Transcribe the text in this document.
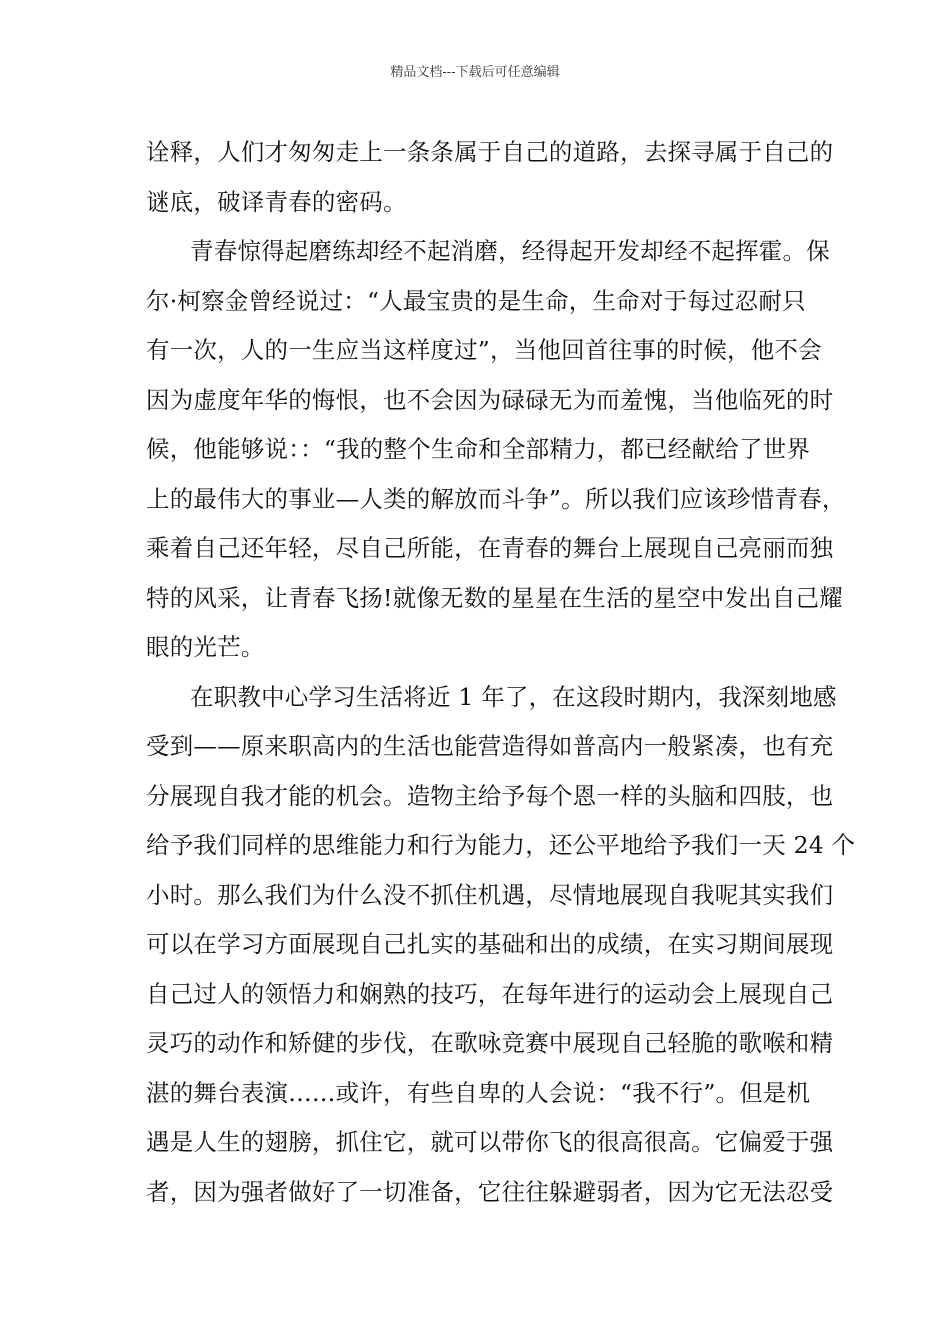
精品文档---下载后可任意编辑
诠释，人们才匆匆走上一条条属于自己的道路，去探寻属于自己的
谜底，破译青春的密码。
青春惊得起磨练却经不起消磨，经得起开发却经不起挥霍。保
尔·柯察金曾经说过：“人最宝贵的是生命，生命对于每过忍耐只
有一次，人的一生应当这样度过”，当他回首往事的时候，他不会
因为虚度年华的悔恨，也不会因为碌碌无为而羞愧，当他临死的时
候，他能够说：：“我的整个生命和全部精力，都已经献给了世界
上的最伟大的事业—人类的解放而斗争”。所以我们应该珍惜青春，
乘着自己还年轻，尽自己所能，在青春的舞台上展现自己亮丽而独
特的风采，让青春飞扬!就像无数的星星在生活的星空中发出自己耀
眼的光芒。
在职教中心学习生活将近 1 年了，在这段时期内，我深刻地感
受到——原来职高内的生活也能营造得如普高内一般紧凑，也有充
分展现自我才能的机会。造物主给予每个恩一样的头脑和四肢，也
给予我们同样的思维能力和行为能力，还公平地给予我们一天 24 个
小时。那么我们为什么没不抓住机遇，尽情地展现自我呢其实我们
可以在学习方面展现自己扎实的基础和出的成绩，在实习期间展现
自己过人的领悟力和娴熟的技巧，在每年进行的运动会上展现自己
灵巧的动作和矫健的步伐，在歌咏竞赛中展现自己轻脆的歌喉和精
湛的舞台表演……或许，有些自卑的人会说：“我不行”。但是机
遇是人生的翅膀，抓住它，就可以带你飞的很高很高。它偏爱于强
者，因为强者做好了一切准备，它往往躲避弱者，因为它无法忍受
